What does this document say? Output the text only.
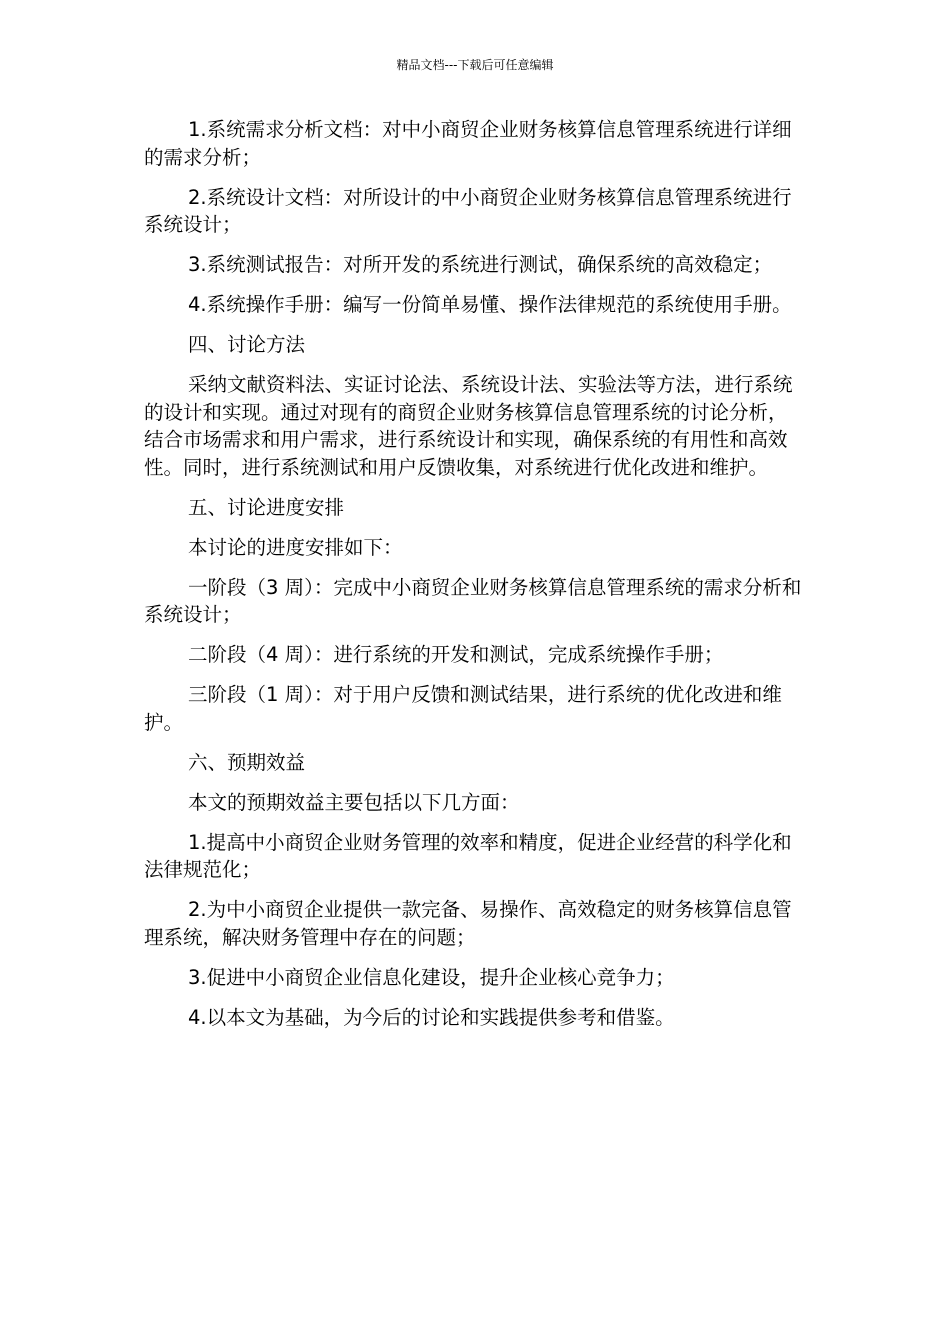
精品文档---下载后可任意编辑

1.系统需求分析文档：对中小商贸企业财务核算信息管理系统进行详细的需求分析；

2.系统设计文档：对所设计的中小商贸企业财务核算信息管理系统进行系统设计；

3.系统测试报告：对所开发的系统进行测试，确保系统的高效稳定；

4.系统操作手册：编写一份简单易懂、操作法律规范的系统使用手册。

四、讨论方法

采纳文献资料法、实证讨论法、系统设计法、实验法等方法，进行系统的设计和实现。通过对现有的商贸企业财务核算信息管理系统的讨论分析，结合市场需求和用户需求，进行系统设计和实现，确保系统的有用性和高效性。同时，进行系统测试和用户反馈收集，对系统进行优化改进和维护。

五、讨论进度安排

本讨论的进度安排如下：

一阶段（3 周）：完成中小商贸企业财务核算信息管理系统的需求分析和系统设计；

二阶段（4 周）：进行系统的开发和测试，完成系统操作手册；

三阶段（1 周）：对于用户反馈和测试结果，进行系统的优化改进和维护。

六、预期效益

本文的预期效益主要包括以下几方面：

1.提高中小商贸企业财务管理的效率和精度，促进企业经营的科学化和法律规范化；

2.为中小商贸企业提供一款完备、易操作、高效稳定的财务核算信息管理系统，解决财务管理中存在的问题；

3.促进中小商贸企业信息化建设，提升企业核心竞争力；

4.以本文为基础，为今后的讨论和实践提供参考和借鉴。
